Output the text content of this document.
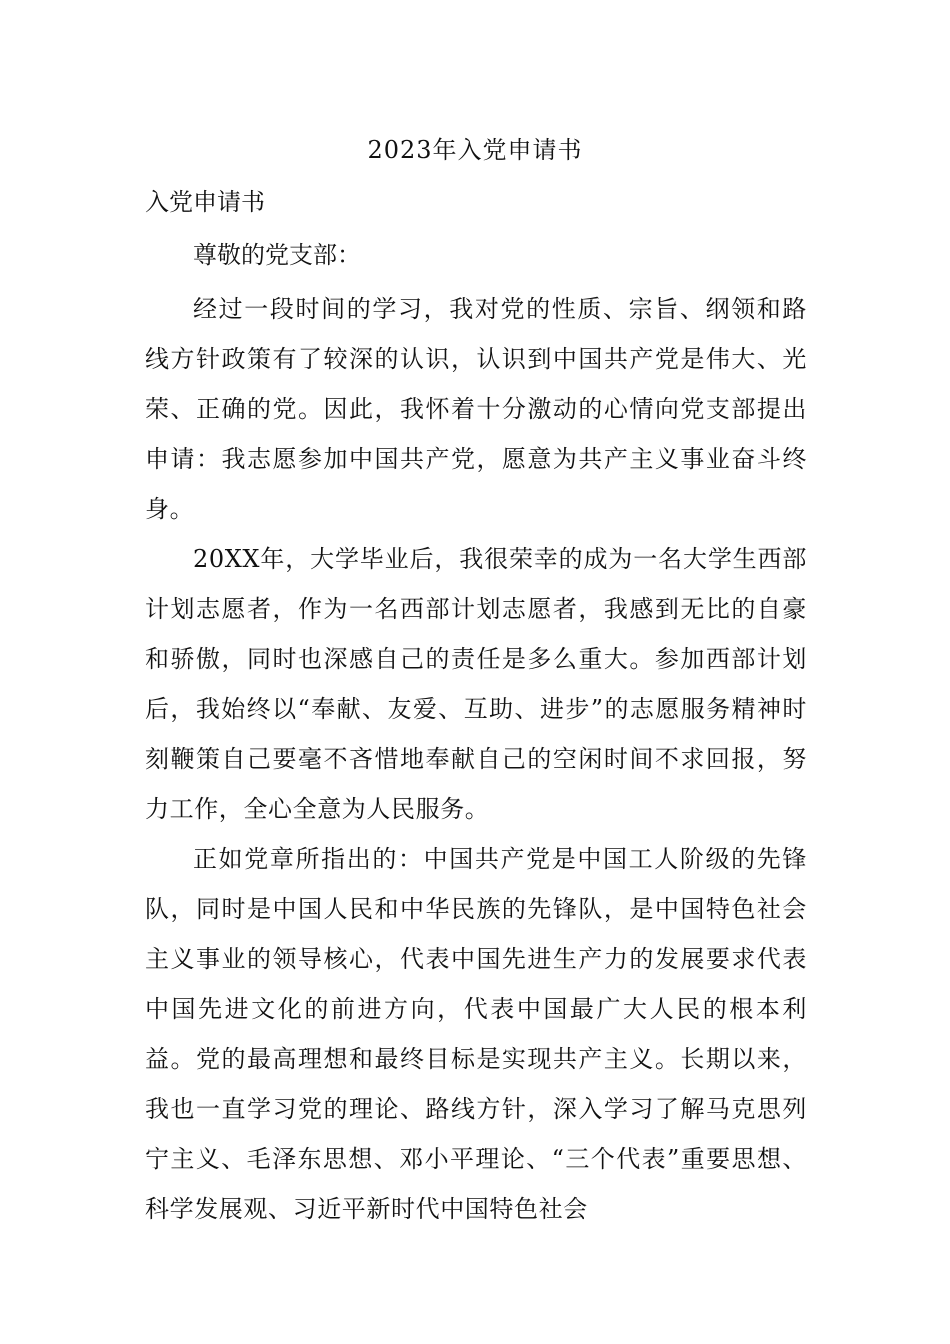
2023年入党申请书
入党申请书

尊敬的党支部：

经过一段时间的学习，我对党的性质、宗旨、纲领和路线方针政策有了较深的认识，认识到中国共产党是伟大、光荣、正确的党。因此，我怀着十分激动的心情向党支部提出申请：我志愿参加中国共产党，愿意为共产主义事业奋斗终身。

20XX年，大学毕业后，我很荣幸的成为一名大学生西部计划志愿者，作为一名西部计划志愿者，我感到无比的自豪和骄傲，同时也深感自己的责任是多么重大。参加西部计划后，我始终以“奉献、友爱、互助、进步”的志愿服务精神时刻鞭策自己要毫不吝惜地奉献自己的空闲时间不求回报，努力工作，全心全意为人民服务。

正如党章所指出的：中国共产党是中国工人阶级的先锋队，同时是中国人民和中华民族的先锋队，是中国特色社会主义事业的领导核心，代表中国先进生产力的发展要求代表中国先进文化的前进方向，代表中国最广大人民的根本利益。党的最高理想和最终目标是实现共产主义。长期以来，我也一直学习党的理论、路线方针，深入学习了解马克思列宁主义、毛泽东思想、邓小平理论、“三个代表”重要思想、科学发展观、习近平新时代中国特色社会
